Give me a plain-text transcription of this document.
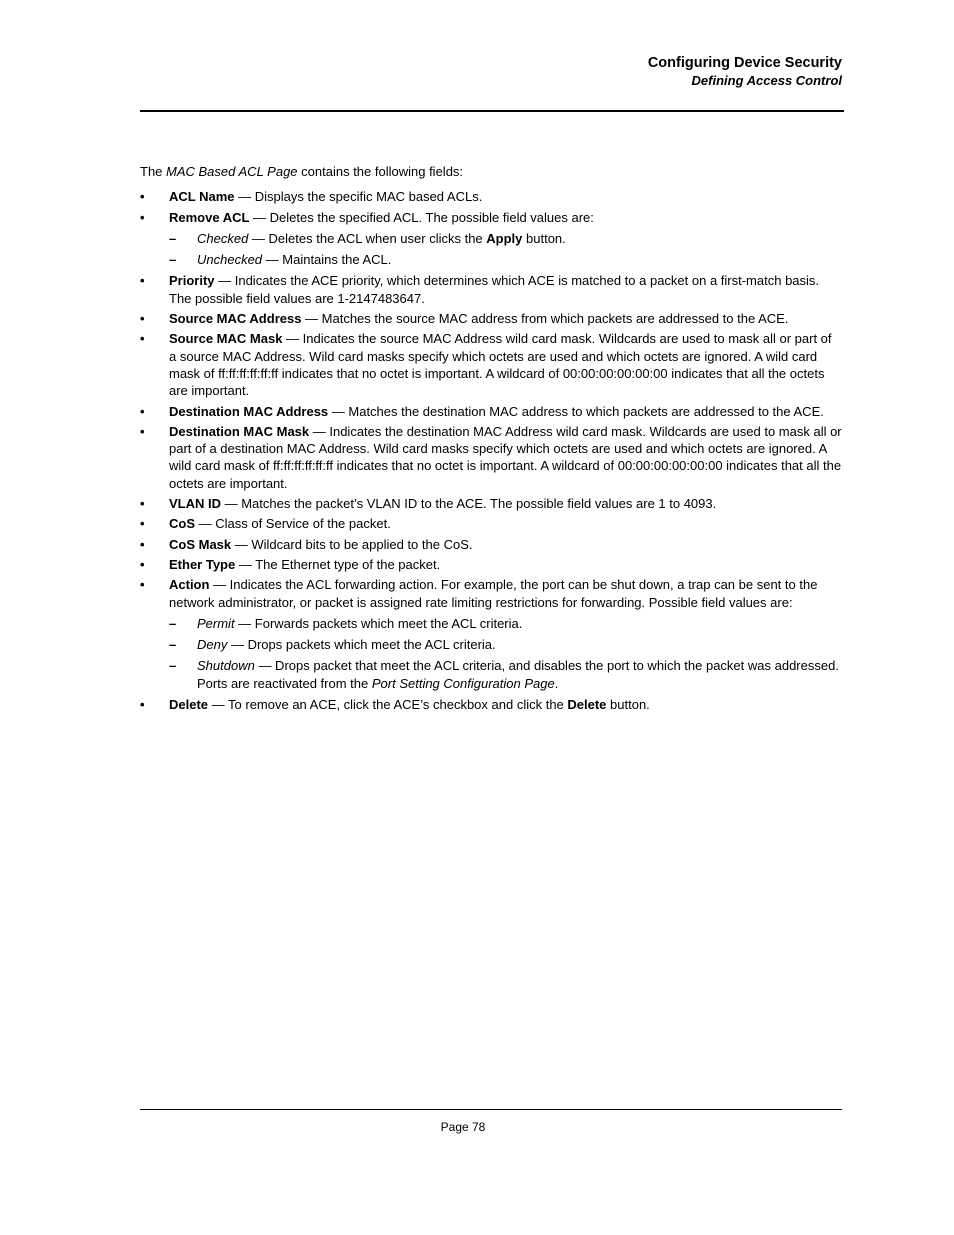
Configuring Device Security
Defining Access Control

The MAC Based ACL Page contains the following fields:

• ACL Name — Displays the specific MAC based ACLs.
• Remove ACL — Deletes the specified ACL. The possible field values are:
– Checked — Deletes the ACL when user clicks the Apply button.
– Unchecked — Maintains the ACL.
• Priority — Indicates the ACE priority, which determines which ACE is matched to a packet on a first-match basis. The possible field values are 1-2147483647.
• Source MAC Address — Matches the source MAC address from which packets are addressed to the ACE.
• Source MAC Mask — Indicates the source MAC Address wild card mask. Wildcards are used to mask all or part of a source MAC Address. Wild card masks specify which octets are used and which octets are ignored. A wild card mask of ff:ff:ff:ff:ff:ff indicates that no octet is important. A wildcard of 00:00:00:00:00:00 indicates that all the octets are important.
• Destination MAC Address — Matches the destination MAC address to which packets are addressed to the ACE.
• Destination MAC Mask — Indicates the destination MAC Address wild card mask. Wildcards are used to mask all or part of a destination MAC Address. Wild card masks specify which octets are used and which octets are ignored. A wild card mask of ff:ff:ff:ff:ff:ff indicates that no octet is important. A wildcard of 00:00:00:00:00:00 indicates that all the octets are important.
• VLAN ID — Matches the packet’s VLAN ID to the ACE. The possible field values are 1 to 4093.
• CoS — Class of Service of the packet.
• CoS Mask — Wildcard bits to be applied to the CoS.
• Ether Type — The Ethernet type of the packet.
• Action — Indicates the ACL forwarding action. For example, the port can be shut down, a trap can be sent to the network administrator, or packet is assigned rate limiting restrictions for forwarding. Possible field values are:
– Permit — Forwards packets which meet the ACL criteria.
– Deny — Drops packets which meet the ACL criteria.
– Shutdown — Drops packet that meet the ACL criteria, and disables the port to which the packet was addressed. Ports are reactivated from the Port Setting Configuration Page.
• Delete — To remove an ACE, click the ACE’s checkbox and click the Delete button.
Page 78
